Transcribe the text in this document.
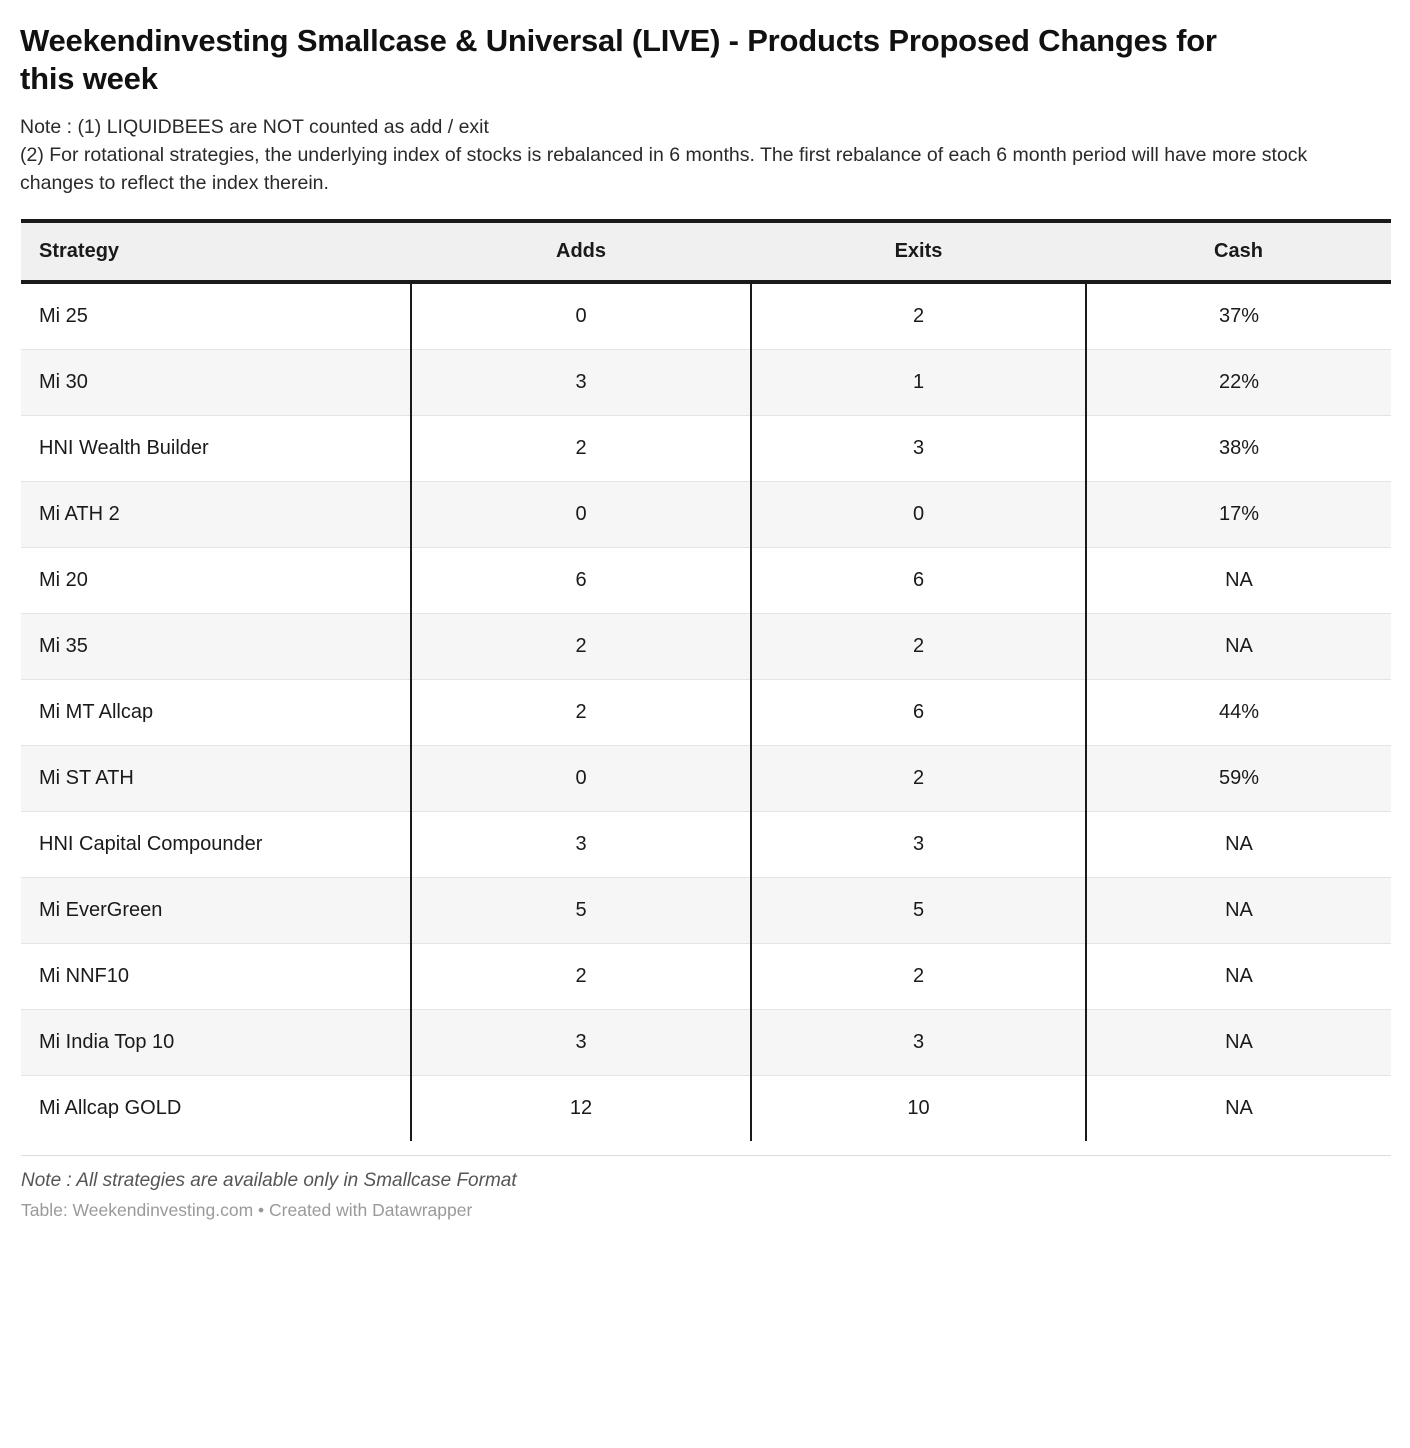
Weekendinvesting Smallcase & Universal (LIVE) - Products Proposed Changes for this week
Note : (1) LIQUIDBEES are NOT counted as add / exit
(2) For rotational strategies, the underlying index of stocks is rebalanced in 6 months. The first rebalance of each 6 month period will have more stock changes to reflect the index therein.
Strategy	Adds	Exits	Cash
Mi 25	0	2	37%
Mi 30	3	1	22%
HNI Wealth Builder	2	3	38%
Mi ATH 2	0	0	17%
Mi 20	6	6	NA
Mi 35	2	2	NA
Mi MT Allcap	2	6	44%
Mi ST ATH	0	2	59%
HNI Capital Compounder	3	3	NA
Mi EverGreen	5	5	NA
Mi NNF10	2	2	NA
Mi India Top 10	3	3	NA
Mi Allcap GOLD	12	10	NA

Note : All strategies are available only in Smallcase Format

Table: Weekendinvesting.com • Created with Datawrapper
